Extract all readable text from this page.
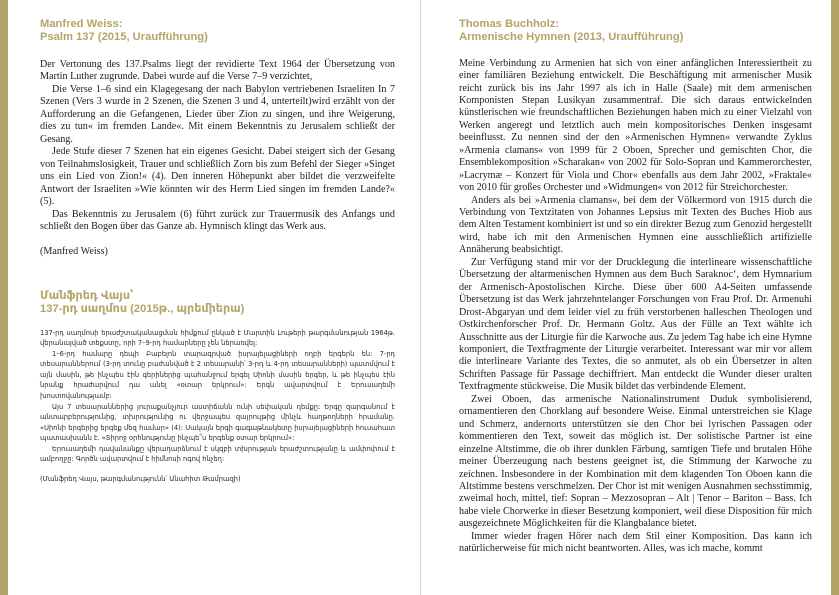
Manfred Weiss:
Psalm 137 (2015, Uraufführung)

Der Vertonung des 137.Psalms liegt der revidierte Text 1964 der Übersetzung von Martin Luther zugrunde. Dabei wurde auf die Verse 7–9 verzichtet,

Die Verse 1–6 sind ein Klagegesang der nach Babylon vertriebenen Israeliten In 7 Szenen (Vers 3 wurde in 2 Szenen, die Szenen 3 und 4, unterteilt)wird erzählt von der Aufforderung an die Gefangenen, Lieder über Zion zu singen, und ihre Weigerung, dies zu tun« im fremden Lande«. Mit einem Bekenntnis zu Jerusalem schließt der Gesang.

Jede Stufe dieser 7 Szenen hat ein eigenes Gesicht. Dabei steigert sich der Gesang von Teilnahmslosigkeit, Trauer und schließlich Zorn bis zum Befehl der Sieger »Singet uns ein Lied von Zion!« (4). Den inneren Höhepunkt aber bildet die verzweifelte Antwort der Israeliten »Wie könnten wir des Herrn Lied singen im fremden Lande?« (5).

Das Bekenntnis zu Jerusalem (6) führt zurück zur Trauermusik des Anfangs und schließt den Bogen über das Ganze ab. Hymnisch klingt das Werk aus.

(Manfred Weiss)
Մանֆրեդ Վայս՝
137-րդ սաղմոս (2015թ., պրեմիերա)

137-րդ սաղմոսի երաժշտականացման հիմքում ընկած է Մարտին Լութերի թարգմանության 1964թ. վերանայված տեքստը, որի 7–9-րդ համարները չեն ներառվել:

1–6-րդ համարը դեպի Բաբելոն տարագրված իսրայելացիների ողբի երգերն են: 7-րդ տեսարաններում (3-րդ տունը բաժանված է 2 տեսարանի՝ 3-րդ և 4-րդ տեսարանների) պատմվում է այն մասին, թե ինչպես էին գերիներից պահանջում երգել Սիոնի մասին երգեր, և թե ինչպես էին նրանք հրաժարվում դա անել «օտար երկրում»: Երգն ավարտվում է Երուսաղեմի խոստովանությամբ:

Այս 7 տեսարաններից յուրաքանչյուր աստիճանն ունի սեփական դեմքը: Երգը զարգանում է անտարբերությունից, տխրությունից ու վերջապես զայրույթից մինչև հաղթողների հրամանը. «Սիոնի երգերից երգեք մեզ համար» (4): Սակայն երգի գագաթնակետը իսրայելացիների հուսահատ պատասխանն է. «Տիրոջ օրհնությունը ինչպե՞ս երգենք օտար երկրում»:

Երուսաղեմի դավանանքը վերադարձնում է սկզբի տխրության երաժշտությանը և ամփոփում է ամբողջը: Գործն ավարտվում է հիմնոսի ոգով հնչեղ:

(Մանֆրեդ Վայս, թարգմանությունն՝ Անահիտ Թամրազի)
Thomas Buchholz:
Armenische Hymnen (2013, Uraufführung)

Meine Verbindung zu Armenien hat sich von einer anfänglichen Interessiertheit zu einer familiären Beziehung entwickelt. Die Beschäftigung mit armenischer Musik reicht zurück bis ins Jahr 1997 als ich in Halle (Saale) mit dem armenischen Komponisten Stepan Lusikyan zusammentraf. Die sich daraus entwickelnden künstlerischen wie freundschaftlichen Beziehungen haben mich zu einer Vielzahl von Werken angeregt und letztlich auch mein kompositorisches Denken insgesamt beeinflusst. Zu nennen sind der den »Armenischen Hymnen« verwandte Zyklus »Armenia clamans« von 1999 für 2 Oboen, Sprecher und gemischten Chor, die Ensemblekomposition »Scharakan« von 2002 für Solo-Sopran und Kammerorchester, »Lacrymæ – Konzert für Viola und Chor« ebenfalls aus dem Jahr 2002, »Fraktale« von 2010 für großes Orchester und »Widmungen« von 2012 für Streichorchester.

Anders als bei »Armenia clamans«, bei dem der Völkermord von 1915 durch die Verbindung von Textzitaten von Johannes Lepsius mit Texten des Buches Hiob aus dem Alten Testament kombiniert ist und so ein direkter Bezug zum Genozid hergestellt wird, habe ich mit den Armenischen Hymnen eine ausschließlich artifizielle Annäherung beabsichtigt.

Zur Verfügung stand mir vor der Drucklegung die interlineare wissenschaftliche Übersetzung der altarmenischen Hymnen aus dem Buch Saraknoc‘, dem Hymnarium der Armenisch-Apostolischen Kirche. Diese über 600 A4-Seiten umfassende Übersetzung ist das Werk jahrzehntelanger Forschungen von Frau Prof. Dr. Armenuhi Drost-Abgaryan und dem leider viel zu früh verstorbenen halleschen Theologen und Ostkirchenforscher Prof. Dr. Hermann Goltz. Aus der Fülle an Text wählte ich Ausschnitte aus der Liturgie für die Karwoche aus. Zu jedem Tag habe ich eine Hymne komponiert, die Textfragmente der Liturgie verarbeitet. Interessant war mir vor allem die interlineare Variante des Textes, die so anmutet, als ob ein Übersetzer in alten Schriften Passage für Passage dechiffriert. Man entdeckt die Wunder dieser uralten Textfragmente stückweise. Die Musik bildet das verbindende Element.

Zwei Oboen, das armenische Nationalinstrument Duduk symbolisierend, ornamentieren den Chorklang auf besondere Weise. Einmal unterstreichen sie Klage und Schmerz, andernorts unterstützen sie den Chor bei lyrischen Passagen oder kommentieren den Text, soweit das möglich ist. Der solistische Partner ist eine einzelne Altstimme, die ob ihrer dunklen Färbung, samtigen Tiefe und brutalen Höhe meiner Überzeugung nach bestens geeignet ist, die Stimmung der Karwoche zu zeichnen. Insbesondere in der Kombination mit dem klagenden Ton Oboen kann die Altstimme bestens verschmelzen. Der Chor ist mit wenigen Ausnahmen sechsstimmig, zweimal hoch, mittel, tief: Sopran – Mezzosopran – Alt | Tenor – Bariton – Bass. Ich habe viele Chorwerke in dieser Besetzung komponiert, weil diese Disposition für mich ausgezeichnete Möglichkeiten für die Klangbalance bietet.

Immer wieder fragen Hörer nach dem Stil einer Komposition. Das kann ich natürlicherweise für mich nicht beantworten. Alles, was ich mache, kommt
